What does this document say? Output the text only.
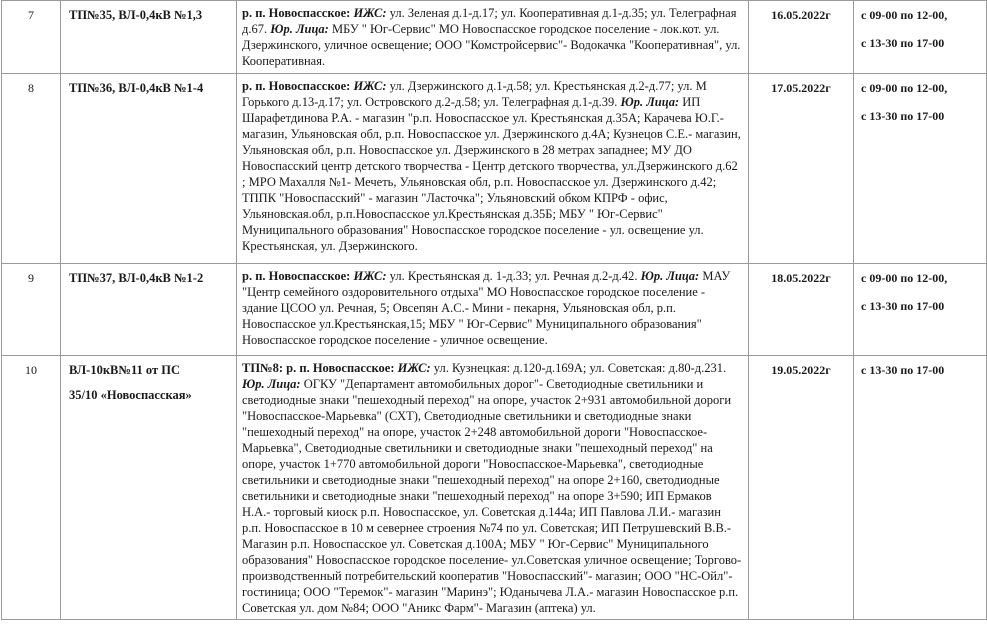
7	ТП№35, ВЛ-0,4кВ №1,3	р. п. Новоспасское: ИЖС: ул. Зеленая д.1-д.17; ул. Кооперативная д.1-д.35; ул. Телеграфная д.67. Юр. Лица: МБУ " Юг-Сервис" МО Новоспасское городское поселение - лок.кот. ул. Дзержинского, уличное освещение; ООО "Комстройсервис"- Водокачка "Кооперативная", ул. Кооперативная.	16.05.2022г	с 09-00 по 12-00,

с 13-30 по 17-00

8	ТП№36, ВЛ-0,4кВ №1-4	р. п. Новоспасское: ИЖС: ул. Дзержинского д.1-д.58; ул. Крестьянская д.2-д.77; ул. М Горького д.13-д.17; ул. Островского д.2-д.58; ул. Телеграфная д.1-д.39. Юр. Лица: ИП Шарафетдинова Р.А. - магазин "р.п. Новоспасское ул. Крестьянская д.35А; Карачева Ю.Г.- магазин, Ульяновская обл, р.п. Новоспасское ул. Дзержинского д.4А; Кузнецов С.Е.- магазин, Ульяновская обл, р.п. Новоспасское ул. Дзержинского в 28 метрах западнее; МУ ДО Новоспасский центр детского творчества - Центр детского творчества, ул.Дзержинского д.62 ; МРО Махалля №1- Мечеть, Ульяновская обл, р.п. Новоспасское ул. Дзержинского д.42; ТППК "Новоспасский" - магазин "Ласточка"; Ульяновский обком КПРФ - офис, Ульяновская.обл, р.п.Новоспасское ул.Крестьянская д.35Б; МБУ " Юг-Сервис" Муниципального образования" Новоспасское городское поселение - ул. освещение ул. Крестьянская, ул. Дзержинского.	17.05.2022г	с 09-00 по 12-00,

с 13-30 по 17-00

9	ТП№37, ВЛ-0,4кВ №1-2	р. п. Новоспасское: ИЖС: ул. Крестьянская д. 1-д.33; ул. Речная д.2-д.42. Юр. Лица: МАУ "Центр семейного оздоровительного отдыха" МО Новоспасское городское поселение - здание ЦСОО ул. Речная, 5; Овсепян А.С.- Мини - пекарня, Ульяновская обл, р.п. Новоспасское ул.Крестьянская,15; МБУ " Юг-Сервис" Муниципального образования" Новоспасское городское поселение - уличное освещение.	18.05.2022г	с 09-00 по 12-00,

с 13-30 по 17-00

10	ВЛ-10кВ№11 от ПС

35/10 «Новоспасская»	ТП№8: р. п. Новоспасское: ИЖС: ул. Кузнецкая: д.120-д.169А; ул. Советская: д.80-д.231. Юр. Лица: ОГКУ "Департамент автомобильных дорог"- Светодиодные светильники и светодиодные знаки "пешеходный переход" на опоре, участок 2+931 автомобильной дороги "Новоспасское-Марьевка" (СХТ), Светодиодные светильники и светодиодные знаки "пешеходный переход" на опоре, участок 2+248 автомобильной дороги "Новоспасское-Марьевка", Светодиодные светильники и светодиодные знаки "пешеходный переход" на опоре, участок 1+770 автомобильной дороги "Новоспасское-Марьевка", светодиодные светильники и светодиодные знаки "пешеходный переход" на опоре 2+160, светодиодные светильники и светодиодные знаки "пешеходный переход" на опоре 3+590; ИП Ермаков Н.А.- торговый киоск р.п. Новоспасское, ул. Советская д.144а; ИП Павлова Л.И.- магазин р.п. Новоспасское в 10 м севернее строения №74 по ул. Советская; ИП Петрушевский В.В.- Магазин р.п. Новоспасское ул. Советская д.100А; МБУ " Юг-Сервис" Муниципального образования" Новоспасское городское поселение- ул.Советская уличное освещение; Торгово-производственный потребительский кооператив "Новоспасский"- магазин; ООО "НС-Ойл"- гостиница; ООО "Теремок"- магазин "Маринэ"; Юданычева Л.А.- магазин Новоспасское р.п. Советская ул. дом №84; ООО "Аникс Фарм"- Магазин (аптека) ул.	19.05.2022г	с 13-30 по 17-00
